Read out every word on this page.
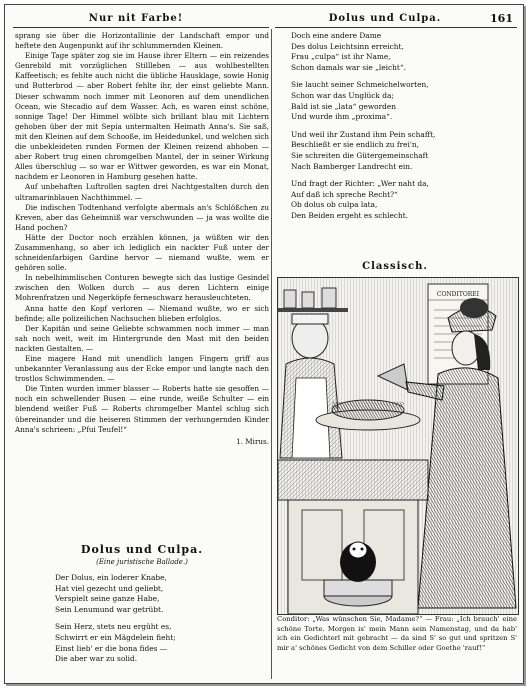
Nur nit Farbe!	Dolus und Culpa.	161

sprang sie über die Horizontallinie der Landschaft empor und heftete den Augenpunkt auf ihr schlummernden Kleinen.

Einige Tage später zog sie im Hause ihrer Eltern — ein reizendes Genrebild mit vorzüglichen Stillleben — aus wohlbestellten Kaffeetisch; es fehlte auch nicht die übliche Hausklage, sowie Honig und Butterbrod — aber Robert fehlte ihr, der einst geliebte Mann. Dieser schwamm noch immer mit Leonoren auf dem unendlichen Ocean, wie Stecadio auf dem Wasser. Ach, es waren einst schöne, sonnige Tage! Der Himmel wölbte sich brillant blau mit Lichtern gehoben über der mit Sepia untermalten Heimath Anna's. Sie saß, mit den Kleinen auf dem Schooße, im Heidedunkel, und welchen sich die unbekleideten runden Formen der Kleinen reizend abhoben — aber Robert trug einen chromgelben Mantel, der in seiner Wirkung Alles überschlug — so war er Wittwer geworden, es war ein Monat, nachdem er Leonoren in Hamburg gesehen hatte.

Auf unbehaften Luftrollen sagten drei Nachtgestalten durch den ultramarinblauen Nachthimmel. —

Die indischen Todtenhand verfolgte abermals an's Schlößchen zu Kreven, aber das Geheimniß war verschwunden — ja was wollte die Hand pochen?

Hätte der Doctor noch erzählen können, ja wüßten wir den Zusammenhang, so aber ich lediglich ein nackter Fuß unter der schneidenfarbigen Gardine hervor — niemand wußte, wem er gehören solle.

In nebelhimmlischen Conturen bewegte sich das lustige Gesindel zwischen den Wolken durch — aus deren Lichtern einige Mohrenfratzen und Negerköpfe ferneschwarz herausleuchteten.

Anna hatte den Kopf verloren — Niemand wußte, wo er sich befinde; alle polizeilichen Nachsuchen blieben erfolglos.

Der Kapitän und seine Geliebte schwammen noch immer — man sah noch weit, weit im Hintergrunde den Mast mit den beiden nackten Gestalten. —

Eine magere Hand mit unendlich langen Fingern griff aus unbekannter Veranlassung aus der Ecke empor und langte nach den trostlos Schwimmenden. —

Die Tinten wurden immer blasser — Roberts hatte sie gesoffen — noch ein schwellender Busen — eine runde, weiße Schulter — ein blendend weißer Fuß — Roberts chromgelber Mantel schlug sich übereinander und die heiseren Stimmen der verhungernden Kinder Anna's schrieen: „Pfui Teufel!“

1. Mirus.
Dolus und Culpa.
(Eine juristische Ballade.)
Der Dolus, ein loderer Knabe,
Hat viel gezecht und geliebt,
Verspielt seine ganze Habe,
Sein Lenumund war getrübt.
Sein Herz, stets neu ergüht es,
Schwirrt er ein Mägdelein fieht;
Einst lieb' er die bona fides —
Die aber war zu solid.
Doch eine andere Dame
Des dolus Leichtsinn erreicht,
Frau „culpa“ ist ihr Name,
Schon damals war sie „leicht“.
Sie laucht seiner Schmeichelworten,
Schon war das Unglück da;
Bald ist sie „lata“ geworden
Und wurde ihm „proxima“.
Und weil ihr Zustand ihm Pein schafft,
Beschließt er sie endlich zu frei'n,
Sie schreiten die Gütergemeinschaft
Nach Bamberger Landrecht ein.
Und fragt der Richter: „Wer naht da,
Auf daß ich spreche Recht?“
Ob dolus ob culpa lata,
Den Beiden ergeht es schlecht.
Classisch.
CONDITOREI
Conditor: „Was wünschen Sie, Madame?“ — Frau: „Ich brauch' eine schöne Torte. Morgen is' mein Mann sein Namenstag, und da hab' ich ein Gedichterl mit gebracht — da sind S' so gut und spritzen S' mir a' schönes Gedicht von dem Schiller oder Goethe 'rauf!“
